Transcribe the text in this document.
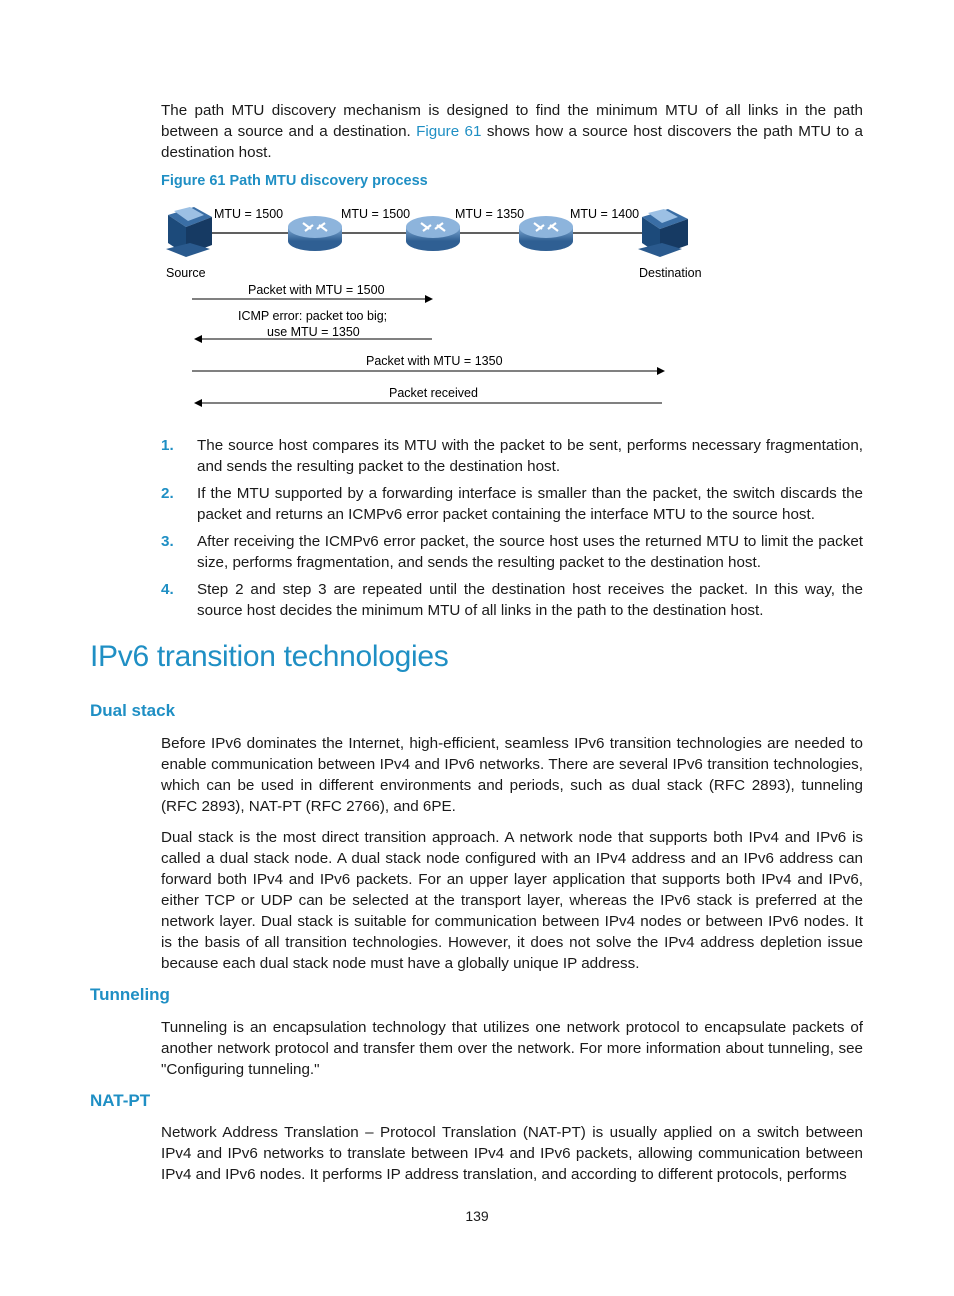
The path MTU discovery mechanism is designed to find the minimum MTU of all links in the path between a source and a destination. Figure 61 shows how a source host discovers the path MTU to a destination host.

Figure 61 Path MTU discovery process

MTU = 1500	MTU = 1500	MTU = 1350	MTU = 1400
Source	Destination
Packet with MTU = 1500
ICMP error: packet too big;
use MTU = 1350
Packet with MTU = 1350
Packet received
1. The source host compares its MTU with the packet to be sent, performs necessary fragmentation, and sends the resulting packet to the destination host.
2. If the MTU supported by a forwarding interface is smaller than the packet, the switch discards the packet and returns an ICMPv6 error packet containing the interface MTU to the source host.
3. After receiving the ICMPv6 error packet, the source host uses the returned MTU to limit the packet size, performs fragmentation, and sends the resulting packet to the destination host.
4. Step 2 and step 3 are repeated until the destination host receives the packet. In this way, the source host decides the minimum MTU of all links in the path to the destination host.
IPv6 transition technologies
Dual stack

Before IPv6 dominates the Internet, high-efficient, seamless IPv6 transition technologies are needed to enable communication between IPv4 and IPv6 networks. There are several IPv6 transition technologies, which can be used in different environments and periods, such as dual stack (RFC 2893), tunneling (RFC 2893), NAT-PT (RFC 2766), and 6PE.

Dual stack is the most direct transition approach. A network node that supports both IPv4 and IPv6 is called a dual stack node. A dual stack node configured with an IPv4 address and an IPv6 address can forward both IPv4 and IPv6 packets. For an upper layer application that supports both IPv4 and IPv6, either TCP or UDP can be selected at the transport layer, whereas the IPv6 stack is preferred at the network layer. Dual stack is suitable for communication between IPv4 nodes or between IPv6 nodes. It is the basis of all transition technologies. However, it does not solve the IPv4 address depletion issue because each dual stack node must have a globally unique IP address.

Tunneling

Tunneling is an encapsulation technology that utilizes one network protocol to encapsulate packets of another network protocol and transfer them over the network. For more information about tunneling, see "Configuring tunneling."

NAT-PT

Network Address Translation – Protocol Translation (NAT-PT) is usually applied on a switch between IPv4 and IPv6 networks to translate between IPv4 and IPv6 packets, allowing communication between IPv4 and IPv6 nodes. It performs IP address translation, and according to different protocols, performs

139
